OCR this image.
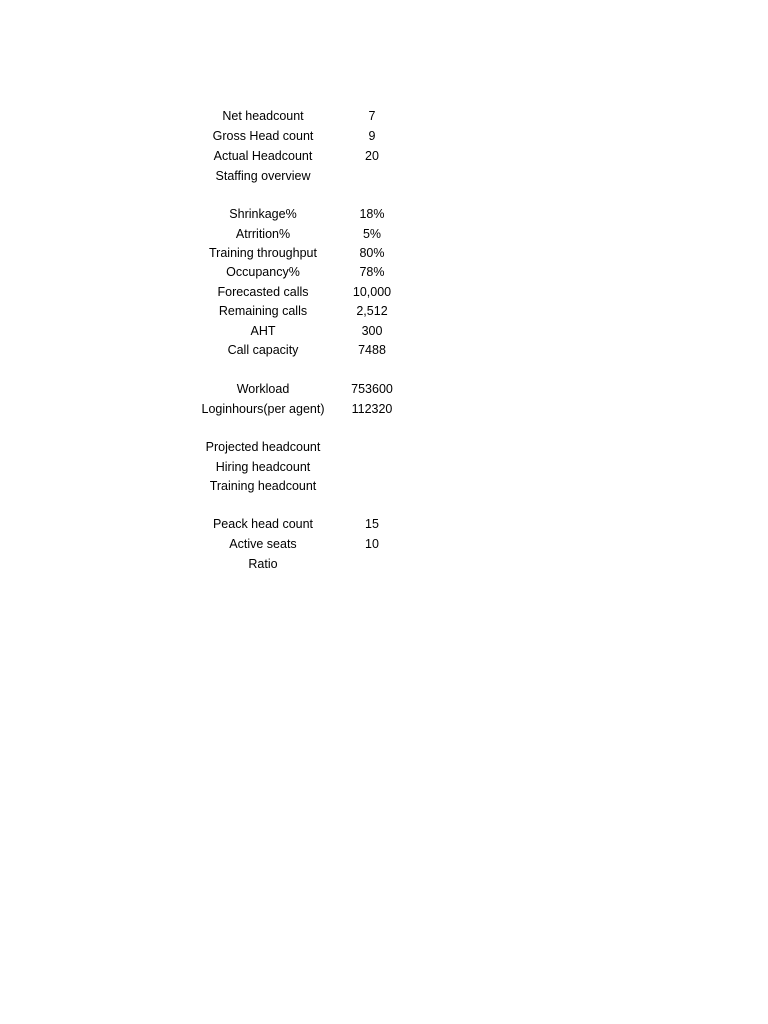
Net headcount	7
Gross Head count	9
Actual Headcount	20
Staffing overview
Shrinkage%	18%
Atrrition%	5%
Training throughput	80%
Occupancy%	78%
Forecasted calls	10,000
Remaining calls	2,512
AHT	300
Call capacity	7488
Workload	753600
Loginhours(per agent)	112320
Projected headcount
Hiring headcount
Training headcount
Peack head count	15
Active seats	10
Ratio
